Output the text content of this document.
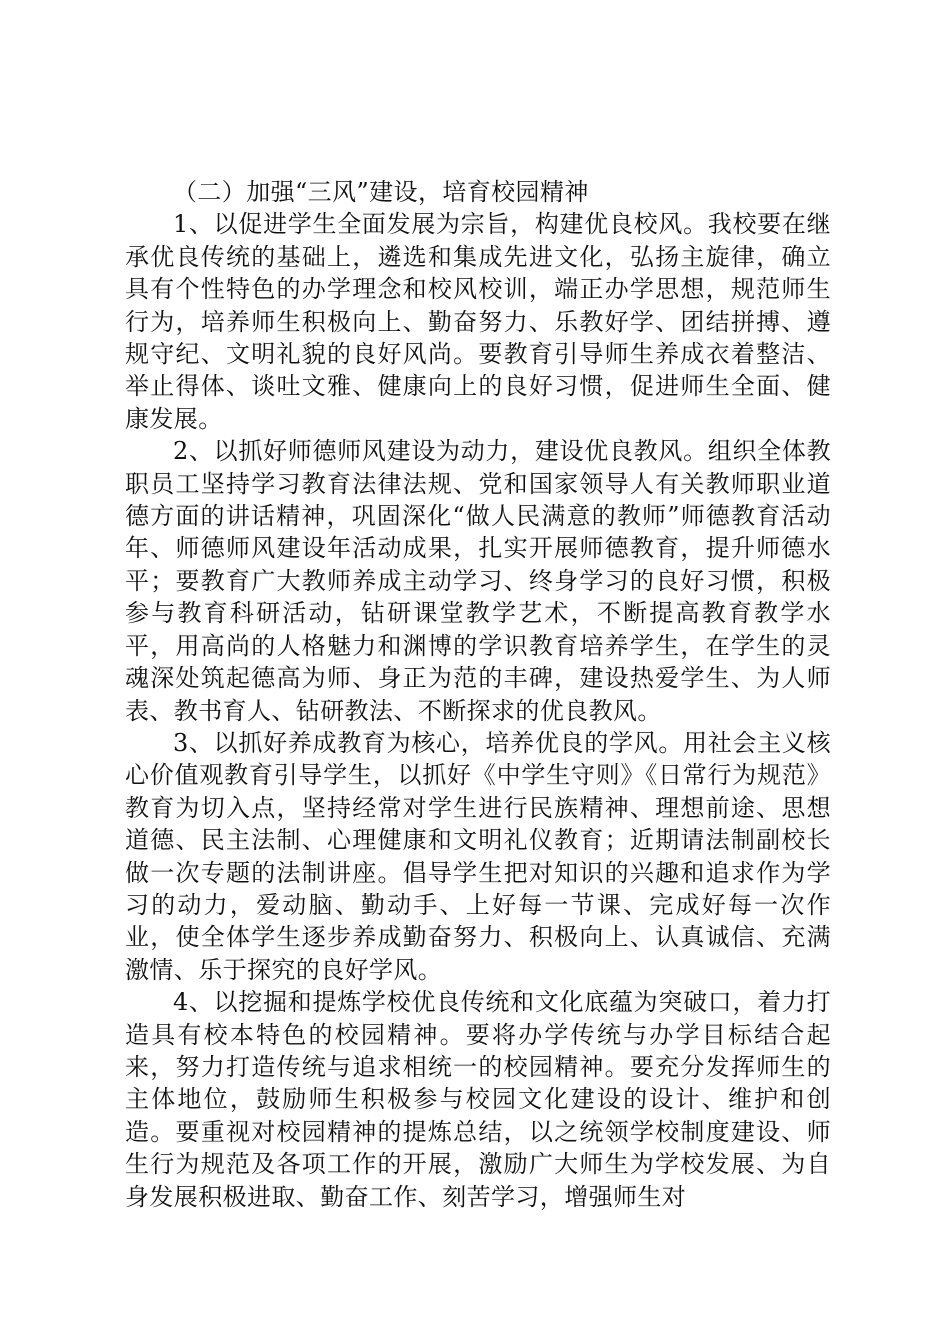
（二）加强“三风”建设，培育校园精神

1、以促进学生全面发展为宗旨，构建优良校风。我校要在继承优良传统的基础上，遴选和集成先进文化，弘扬主旋律，确立具有个性特色的办学理念和校风校训，端正办学思想，规范师生行为，培养师生积极向上、勤奋努力、乐教好学、团结拼搏、遵规守纪、文明礼貌的良好风尚。要教育引导师生养成衣着整洁、举止得体、谈吐文雅、健康向上的良好习惯，促进师生全面、健康发展。

2、以抓好师德师风建设为动力，建设优良教风。组织全体教职员工坚持学习教育法律法规、党和国家领导人有关教师职业道德方面的讲话精神，巩固深化“做人民满意的教师”师德教育活动年、师德师风建设年活动成果，扎实开展师德教育，提升师德水平；要教育广大教师养成主动学习、终身学习的良好习惯，积极参与教育科研活动，钻研课堂教学艺术，不断提高教育教学水平，用高尚的人格魅力和渊博的学识教育培养学生，在学生的灵魂深处筑起德高为师、身正为范的丰碑，建设热爱学生、为人师表、教书育人、钻研教法、不断探求的优良教风。

3、以抓好养成教育为核心，培养优良的学风。用社会主义核心价值观教育引导学生，以抓好《中学生守则》《日常行为规范》教育为切入点，坚持经常对学生进行民族精神、理想前途、思想道德、民主法制、心理健康和文明礼仪教育；近期请法制副校长做一次专题的法制讲座。倡导学生把对知识的兴趣和追求作为学习的动力，爱动脑、勤动手、上好每一节课、完成好每一次作业，使全体学生逐步养成勤奋努力、积极向上、认真诚信、充满激情、乐于探究的良好学风。

4、以挖掘和提炼学校优良传统和文化底蕴为突破口，着力打造具有校本特色的校园精神。要将办学传统与办学目标结合起来，努力打造传统与追求相统一的校园精神。要充分发挥师生的主体地位，鼓励师生积极参与校园文化建设的设计、维护和创造。要重视对校园精神的提炼总结，以之统领学校制度建设、师生行为规范及各项工作的开展，激励广大师生为学校发展、为自身发展积极进取、勤奋工作、刻苦学习，增强师生对
